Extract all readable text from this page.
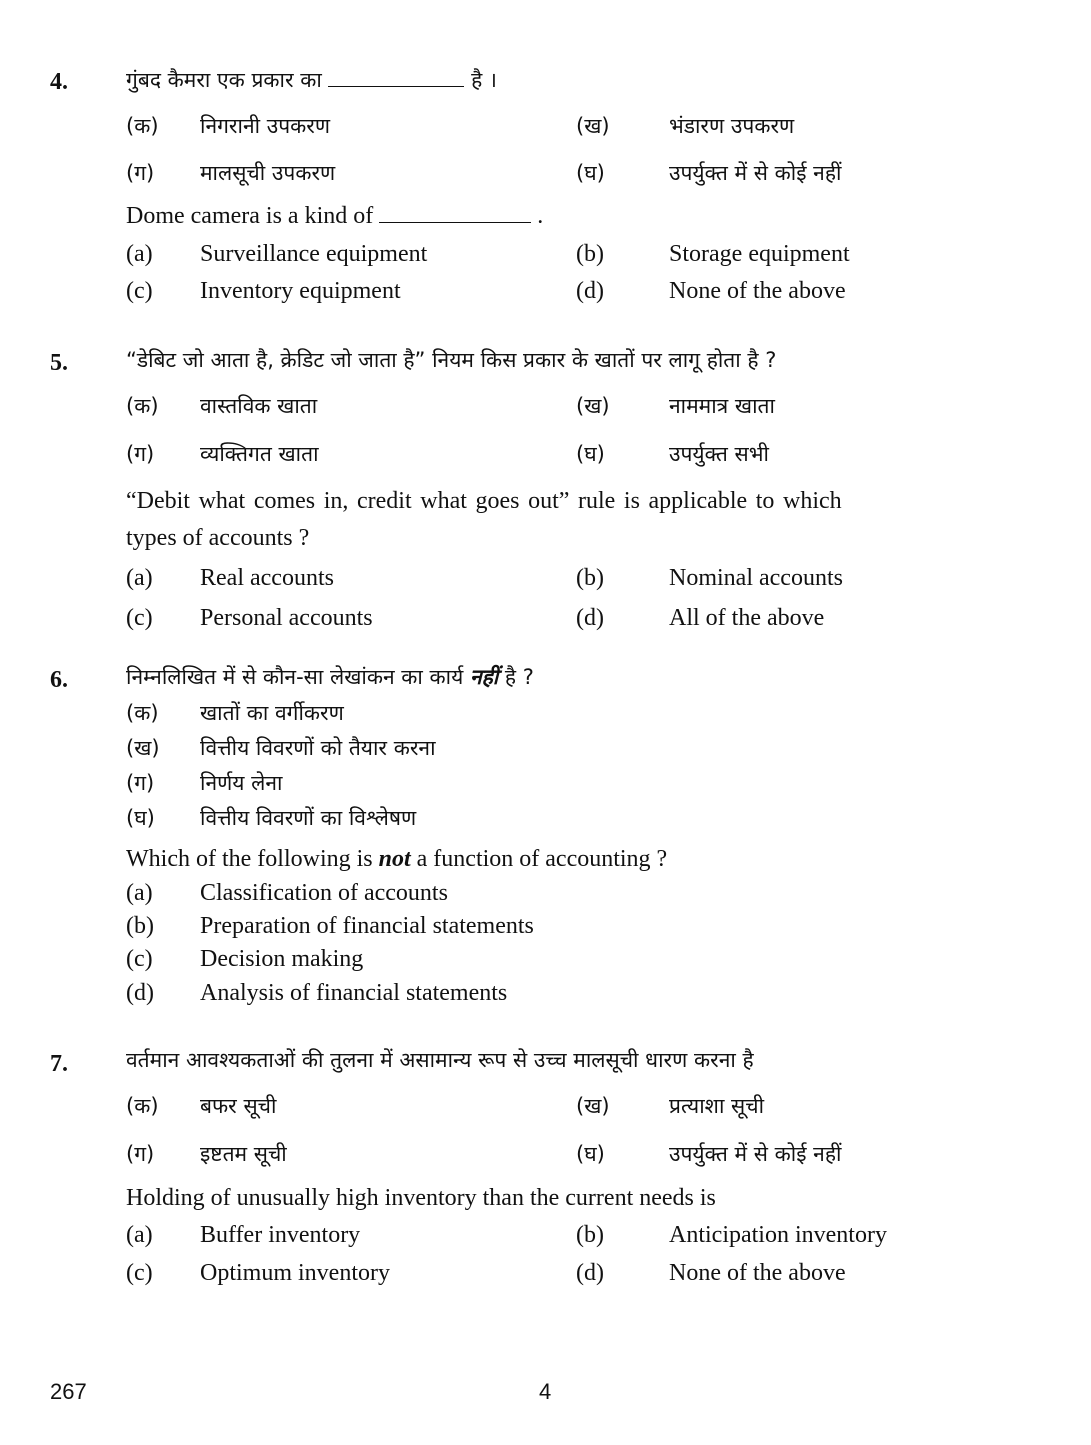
4.	गुंबद कैमरा एक प्रकार का	है ।
(क) निगरानी उपकरण	(ख)	भंडारण उपकरण
(ग) मालसूची उपकरण	(घ)	उपर्युक्त में से कोई नहीं
Dome camera is a kind of	.
(a) Surveillance equipment	(b)	Storage equipment
(c) Inventory equipment	(d)	None of the above
5.	“डेबिट जो आता है, क्रेडिट जो जाता है” नियम किस प्रकार के खातों पर लागू होता है ?
(क) वास्तविक खाता	(ख)	नाममात्र खाता
(ग) व्यक्तिगत खाता	(घ)	उपर्युक्त सभी
“Debit what comes in, credit what goes out” rule is applicable to which
types of accounts ?
(a) Real accounts	(b)	Nominal accounts
(c) Personal accounts	(d)	All of the above
6.	निम्नलिखित में से कौन-सा लेखांकन का कार्य नहीं है ?
(क) खातों का वर्गीकरण
(ख) वित्तीय विवरणों को तैयार करना
(ग) निर्णय लेना
(घ) वित्तीय विवरणों का विश्लेषण
Which of the following is not a function of accounting ?
(a) Classification of accounts
(b) Preparation of financial statements
(c) Decision making
(d) Analysis of financial statements
7.	वर्तमान आवश्यकताओं की तुलना में असामान्य रूप से उच्च मालसूची धारण करना है
(क) बफर सूची	(ख)	प्रत्याशा सूची
(ग) इष्टतम सूची	(घ)	उपर्युक्त में से कोई नहीं
Holding of unusually high inventory than the current needs is
(a) Buffer inventory	(b)	Anticipation inventory
(c) Optimum inventory	(d)	None of the above
267	4
